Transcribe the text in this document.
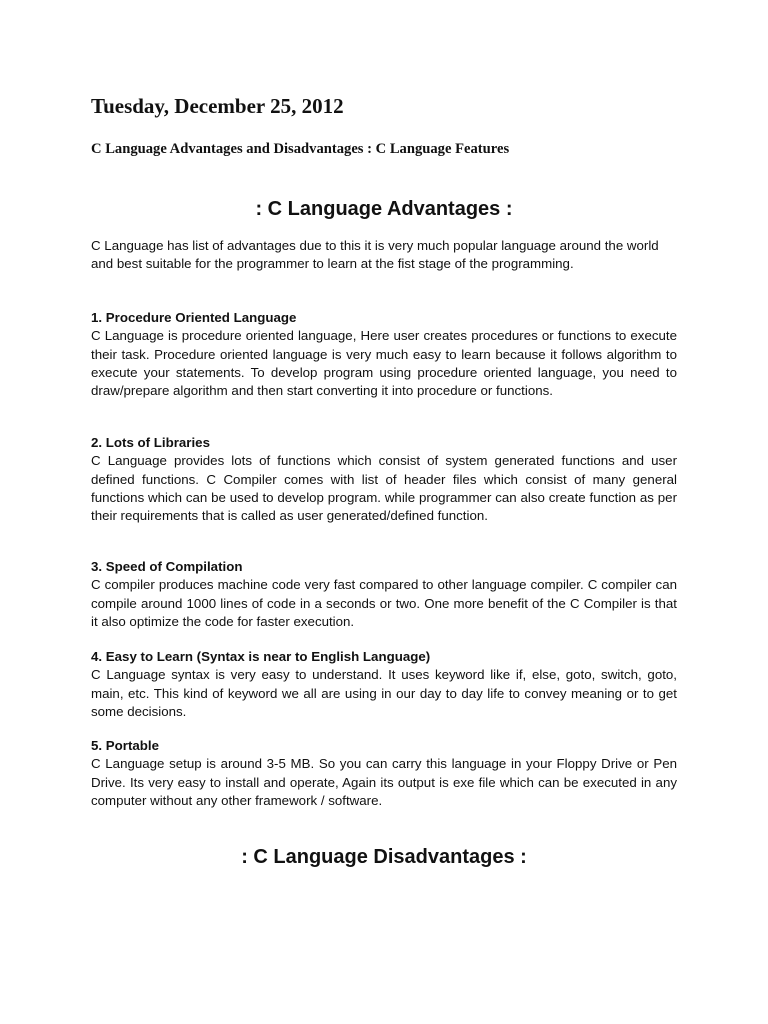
Tuesday, December 25, 2012
C Language Advantages and Disadvantages : C Language Features
: C Language Advantages :

C Language has list of advantages due to this it is very much popular language around the world and best suitable for the programmer to learn at the fist stage of the programming.

1. Procedure Oriented Language
C Language is procedure oriented language, Here user creates procedures or functions to execute their task. Procedure oriented language is very much easy to learn because it follows algorithm to execute your statements. To develop program using procedure oriented language, you need to draw/prepare algorithm and then start converting it into procedure or functions.
2. Lots of Libraries
C Language provides lots of functions which consist of system generated functions and user defined functions. C Compiler comes with list of header files which consist of many general functions which can be used to develop program. while programmer can also create function as per their requirements that is called as user generated/defined function.
3. Speed of Compilation
C compiler produces machine code very fast compared to other language compiler. C compiler can compile around 1000 lines of code in a seconds or two. One more benefit of the C Compiler is that it also optimize the code for faster execution.
4. Easy to Learn (Syntax is near to English Language)
C Language syntax is very easy to understand. It uses keyword like if, else, goto, switch, goto, main, etc. This kind of keyword we all are using in our day to day life to convey meaning or to get some decisions.
5. Portable
C Language setup is around 3-5 MB. So you can carry this language in your Floppy Drive or Pen Drive. Its very easy to install and operate, Again its output is exe file which can be executed in any computer without any other framework / software.
: C Language Disadvantages :
